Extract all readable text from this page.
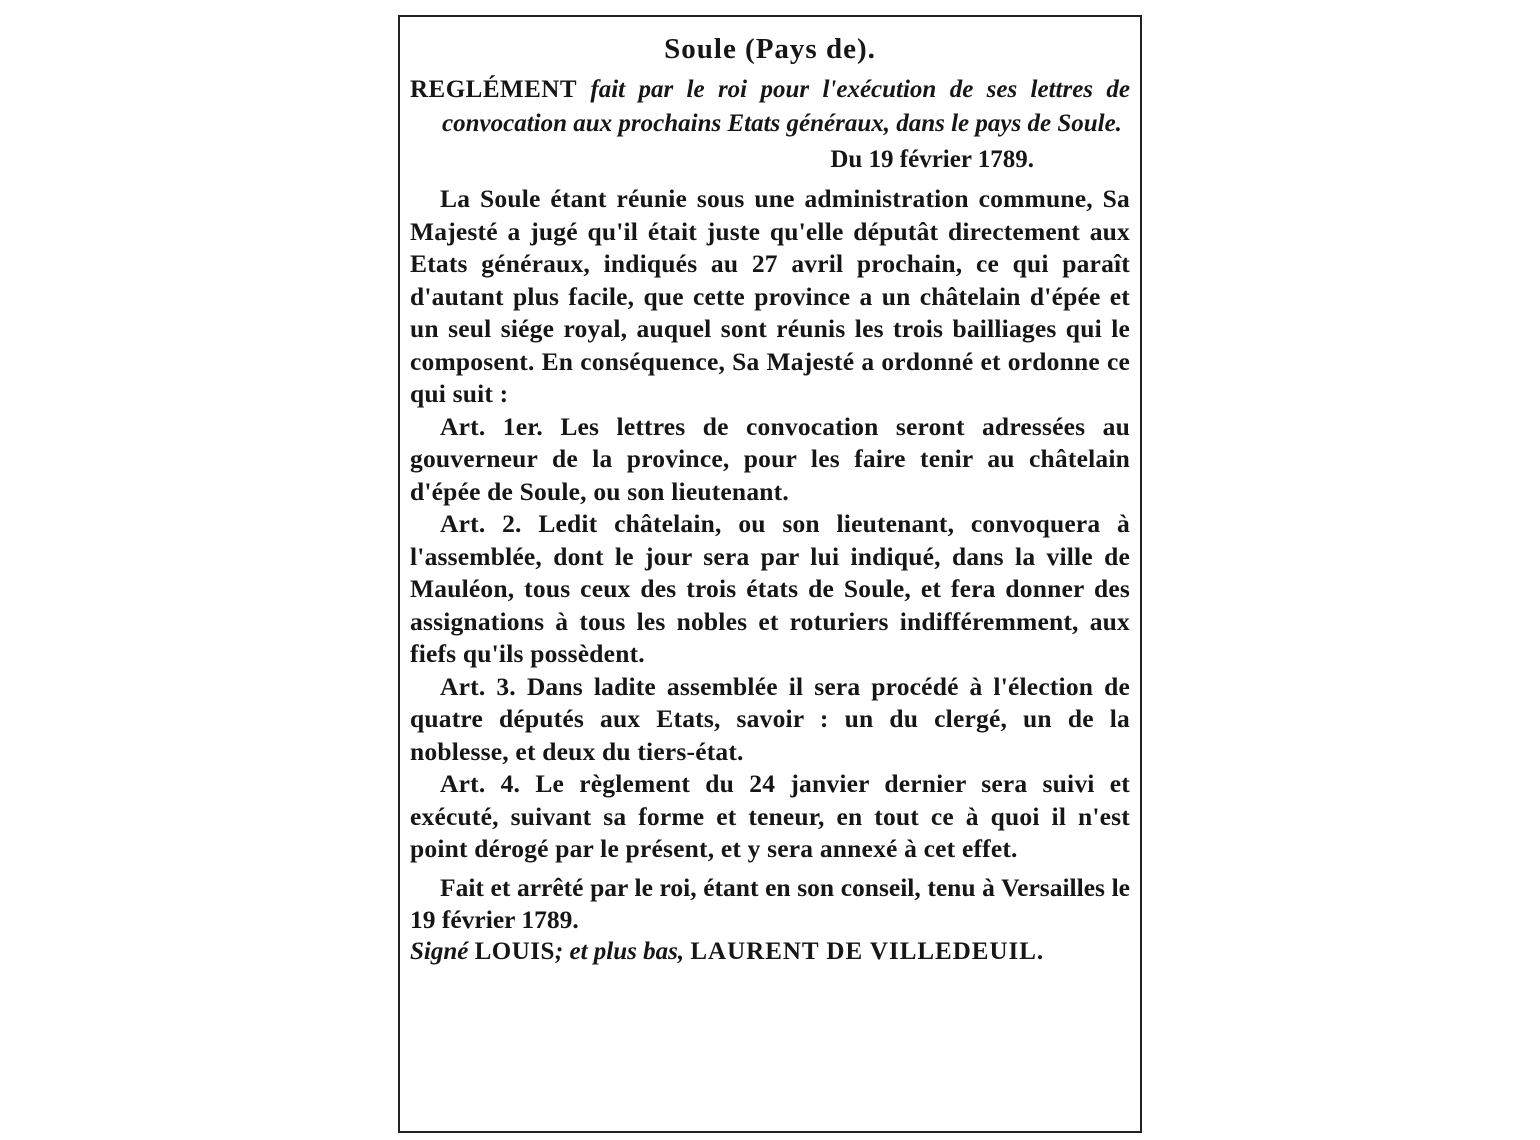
Soule (Pays de).

REGLÉMENT fait par le roi pour l'exécution de ses lettres de convocation aux prochains Etats généraux, dans le pays de Soule.

Du 19 février 1789.

La Soule étant réunie sous une administration commune, Sa Majesté a jugé qu'il était juste qu'elle députât directement aux Etats généraux, indiqués au 27 avril prochain, ce qui paraît d'autant plus facile, que cette province a un châtelain d'épée et un seul siége royal, auquel sont réunis les trois bailliages qui le composent. En conséquence, Sa Majesté a ordonné et ordonne ce qui suit :

Art. 1er. Les lettres de convocation seront adressées au gouverneur de la province, pour les faire tenir au châtelain d'épée de Soule, ou son lieutenant.

Art. 2. Ledit châtelain, ou son lieutenant, convoquera à l'assemblée, dont le jour sera par lui indiqué, dans la ville de Mauléon, tous ceux des trois états de Soule, et fera donner des assignations à tous les nobles et roturiers indifféremment, aux fiefs qu'ils possèdent.

Art. 3. Dans ladite assemblée il sera procédé à l'élection de quatre députés aux Etats, savoir : un du clergé, un de la noblesse, et deux du tiers-état.

Art. 4. Le règlement du 24 janvier dernier sera suivi et exécuté, suivant sa forme et teneur, en tout ce à quoi il n'est point dérogé par le présent, et y sera annexé à cet effet.

Fait et arrêté par le roi, étant en son conseil, tenu à Versailles le 19 février 1789.

Signé LOUIS; et plus bas, LAURENT DE VILLEDEUIL.
